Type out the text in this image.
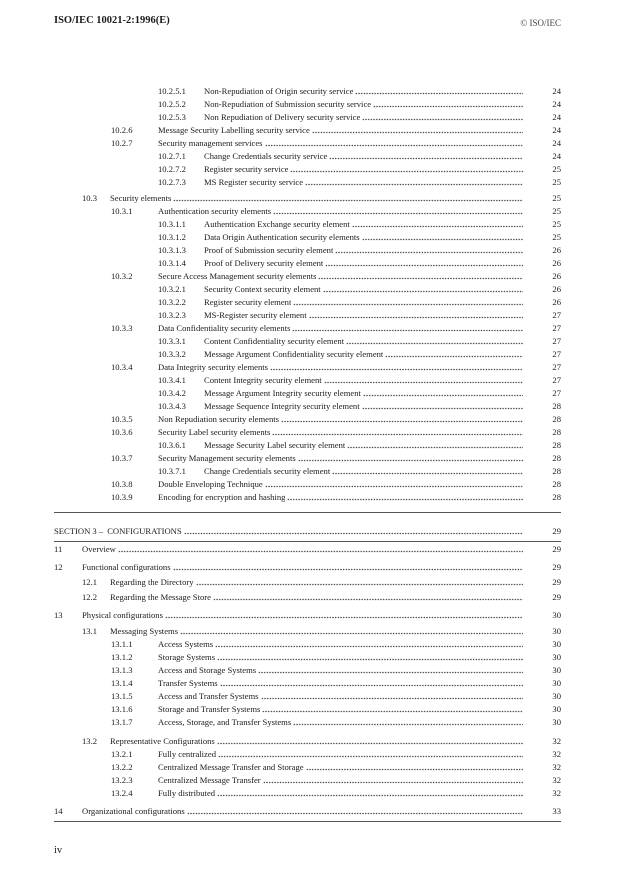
ISO/IEC 10021-2:1996(E)	© ISO/IEC
10.2.5.1	Non-Repudiation of Origin security service	24
10.2.5.2	Non-Repudiation of Submission security service	24
10.2.5.3	Non Repudiation of Delivery security service	24
10.2.6	Message Security Labelling security service	24
10.2.7	Security management services	24
10.2.7.1	Change Credentials security service	24
10.2.7.2	Register security service	25
10.2.7.3	MS Register security service	25
10.3	Security elements	25
10.3.1	Authentication security elements	25
10.3.1.1	Authentication Exchange security element	25
10.3.1.2	Data Origin Authentication security elements	25
10.3.1.3	Proof of Submission security element	26
10.3.1.4	Proof of Delivery security element	26
10.3.2	Secure Access Management security elements	26
10.3.2.1	Security Context security element	26
10.3.2.2	Register security element	26
10.3.2.3	MS-Register security element	27
10.3.3	Data Confidentiality security elements	27
10.3.3.1	Content Confidentiality security element	27
10.3.3.2	Message Argument Confidentiality security element	27
10.3.4	Data Integrity security elements	27
10.3.4.1	Content Integrity security element	27
10.3.4.2	Message Argument Integrity security element	27
10.3.4.3	Message Sequence Integrity security element	28
10.3.5	Non Repudiation security elements	28
10.3.6	Security Label security elements	28
10.3.6.1	Message Security Label security element	28
10.3.7	Security Management security elements	28
10.3.7.1	Change Credentials security element	28
10.3.8	Double Enveloping Technique	28
10.3.9	Encoding for encryption and hashing	28
SECTION 3 – CONFIGURATIONS	29
11	Overview	29
12	Functional configurations	29
12.1	Regarding the Directory	29
12.2	Regarding the Message Store	29
13	Physical configurations	30
13.1	Messaging Systems	30
13.1.1	Access Systems	30
13.1.2	Storage Systems	30
13.1.3	Access and Storage Systems	30
13.1.4	Transfer Systems	30
13.1.5	Access and Transfer Systems	30
13.1.6	Storage and Transfer Systems	30
13.1.7	Access, Storage, and Transfer Systems	30
13.2	Representative Configurations	32
13.2.1	Fully centralized	32
13.2.2	Centralized Message Transfer and Storage	32
13.2.3	Centralized Message Transfer	32
13.2.4	Fully distributed	32
14	Organizational configurations	33
iv
